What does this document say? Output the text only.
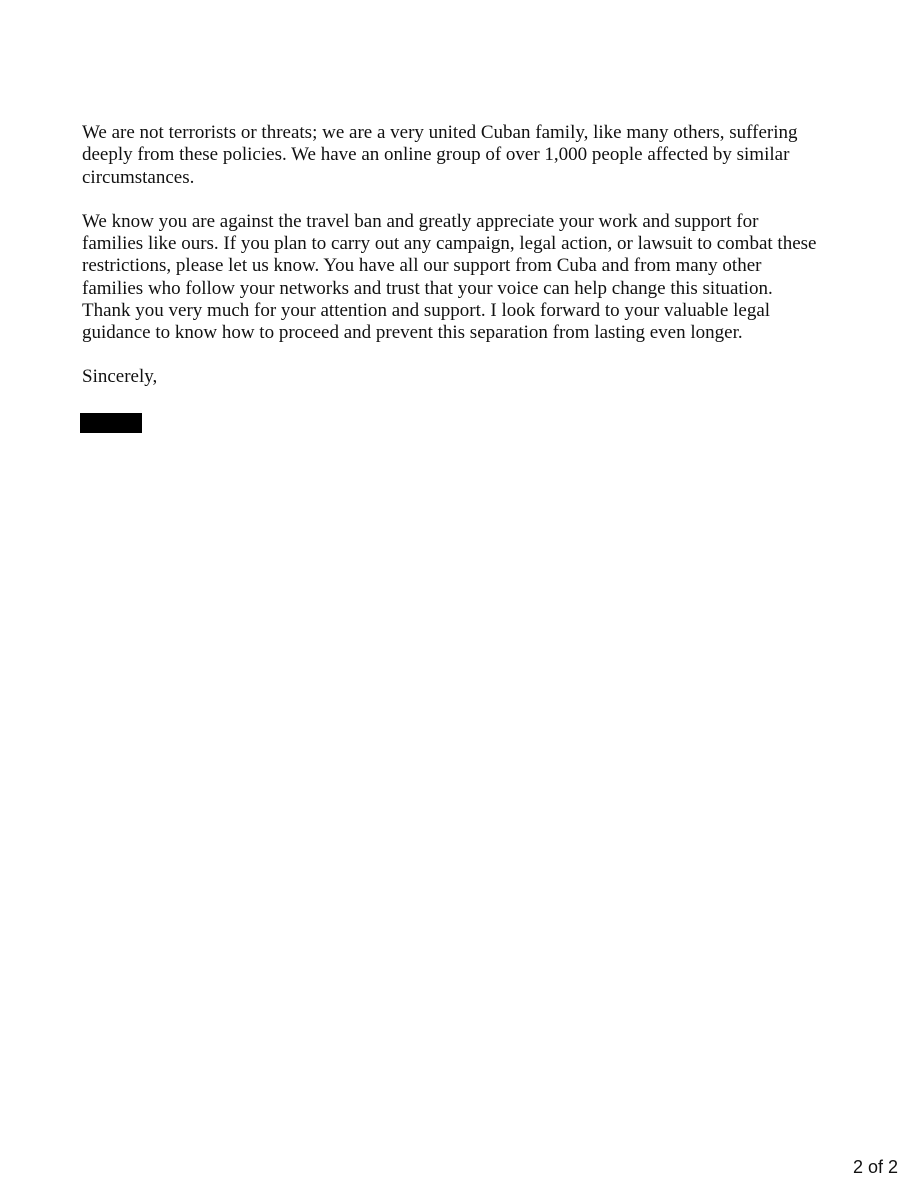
We are not terrorists or threats; we are a very united Cuban family, like many others, suffering
deeply from these policies. We have an online group of over 1,000 people affected by similar
circumstances.

We know you are against the travel ban and greatly appreciate your work and support for
families like ours. If you plan to carry out any campaign, legal action, or lawsuit to combat these
restrictions, please let us know. You have all our support from Cuba and from many other
families who follow your networks and trust that your voice can help change this situation.
Thank you very much for your attention and support. I look forward to your valuable legal
guidance to know how to proceed and prevent this separation from lasting even longer.

Sincerely,

2 of 2
